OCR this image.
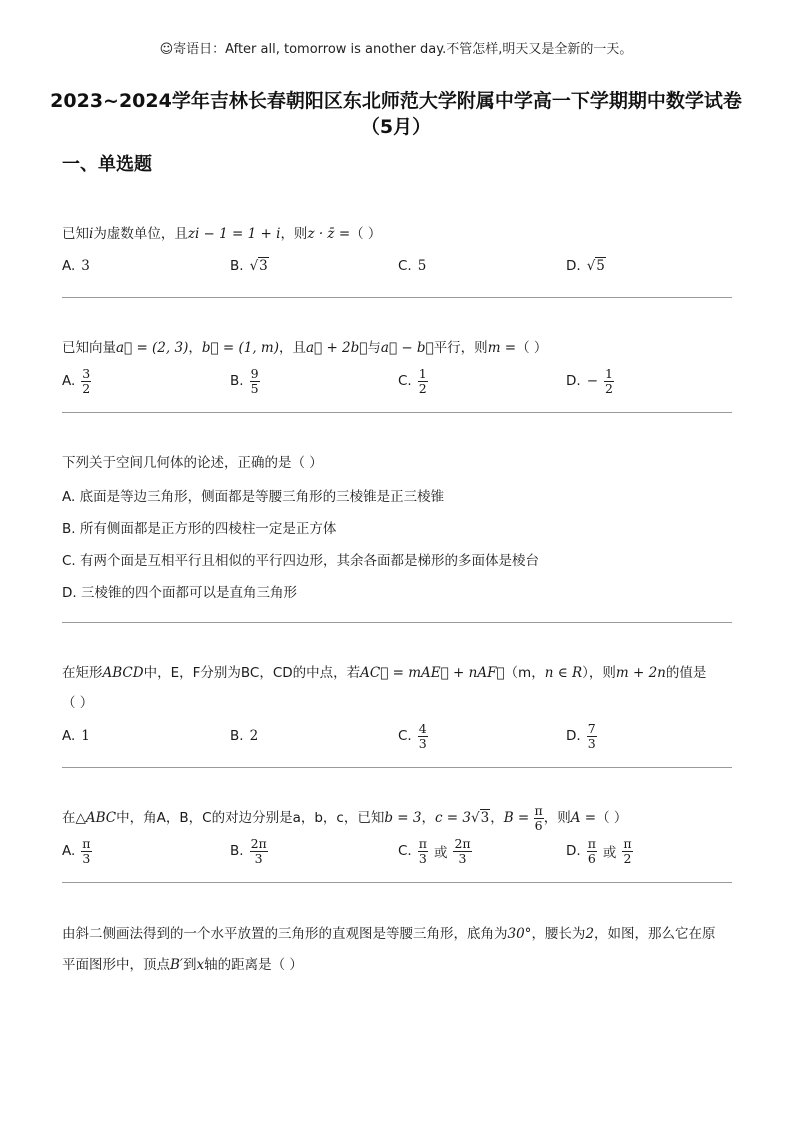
☺寄语日：After all, tomorrow is another day.不管怎样,明天又是全新的一天。
2023~2024学年吉林长春朝阳区东北师范大学附属中学高一下学期期中数学试卷（5月）
一、单选题
已知i为虚数单位，且zi − 1 = 1 + i，则z · z̄ =（ ）
A. 3	B. √3	C. 5	D. √5
已知向量a⃗ = (2, 3)，b⃗ = (1, m)，且a⃗ + 2b⃗与a⃗ − b⃗平行，则m =（ ）
A. $\frac{3}{2}$	B. $\frac{9}{5}$	C. $\frac{1}{2}$	D. − $\frac{1}{2}$
下列关于空间几何体的论述，正确的是（ ）
A. 底面是等边三角形，侧面都是等腰三角形的三棱锥是正三棱锥
B. 所有侧面都是正方形的四棱柱一定是正方体
C. 有两个面是互相平行且相似的平行四边形，其余各面都是梯形的多面体是棱台
D. 三棱锥的四个面都可以是直角三角形
在矩形ABCD中，E，F分别为BC，CD的中点，若AC⃗ = mAE⃗ + nAF⃗（m，n ∈ R），则m + 2n的值是
（ ）
A. 1	B. 2	C. $\frac{4}{3}$	D. $\frac{7}{3}$
在 △ABC 中，角A，B，C的对边分别是a，b，c，已知 b = 3 ， c = 3 √3 ， B =
$\frac{\pi}{6}$ ，则 A = （ ）
A. $\frac{\pi}{3}$	B. $\frac{2\pi}{3}$	C. $\frac{\pi}{3}$ 或 $\frac{2\pi}{3}$	D. $\frac{\pi}{6}$ 或 $\frac{\pi}{2}$
由斜二侧画法得到的一个水平放置的三角形的直观图是等腰三角形，底角为30°，腰长为2，如图，那么它在原
平面图形中，顶点B′到x轴的距离是（ ）
